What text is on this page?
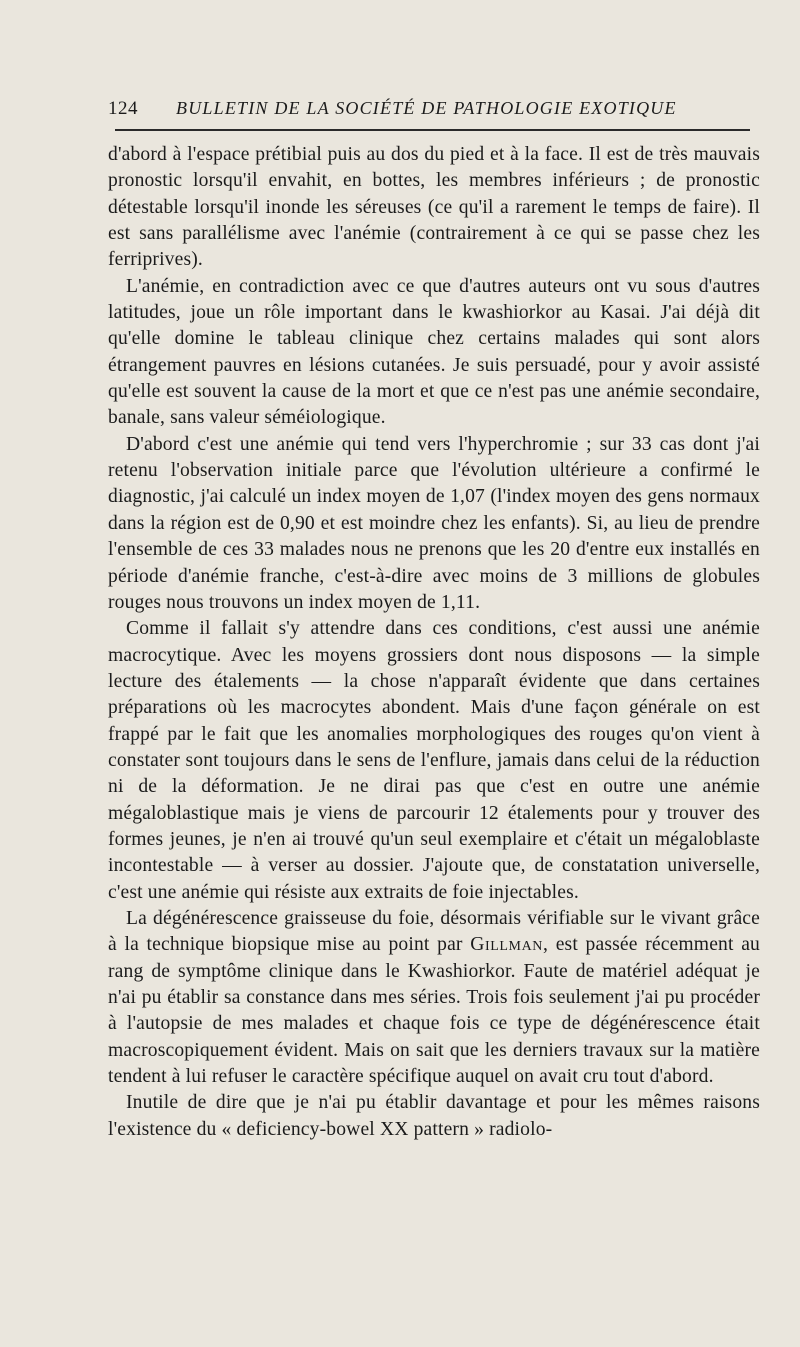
124 BULLETIN DE LA SOCIÉTÉ DE PATHOLOGIE EXOTIQUE

d'abord à l'espace prétibial puis au dos du pied et à la face. Il est de très mauvais pronostic lorsqu'il envahit, en bottes, les membres inférieurs ; de pronostic détestable lorsqu'il inonde les séreuses (ce qu'il a rarement le temps de faire). Il est sans parallélisme avec l'anémie (contrairement à ce qui se passe chez les ferriprives).

L'anémie, en contradiction avec ce que d'autres auteurs ont vu sous d'autres latitudes, joue un rôle important dans le kwashiorkor au Kasai. J'ai déjà dit qu'elle domine le tableau clinique chez certains malades qui sont alors étrangement pauvres en lésions cutanées. Je suis persuadé, pour y avoir assisté qu'elle est souvent la cause de la mort et que ce n'est pas une anémie secondaire, banale, sans valeur séméiologique.

D'abord c'est une anémie qui tend vers l'hyperchromie ; sur 33 cas dont j'ai retenu l'observation initiale parce que l'évolution ultérieure a confirmé le diagnostic, j'ai calculé un index moyen de 1,07 (l'index moyen des gens normaux dans la région est de 0,90 et est moindre chez les enfants). Si, au lieu de prendre l'ensemble de ces 33 malades nous ne prenons que les 20 d'entre eux installés en période d'anémie franche, c'est-à-dire avec moins de 3 millions de globules rouges nous trouvons un index moyen de 1,11.

Comme il fallait s'y attendre dans ces conditions, c'est aussi une anémie macrocytique. Avec les moyens grossiers dont nous disposons — la simple lecture des étalements — la chose n'apparaît évidente que dans certaines préparations où les macrocytes abondent. Mais d'une façon générale on est frappé par le fait que les anomalies morphologiques des rouges qu'on vient à constater sont toujours dans le sens de l'enflure, jamais dans celui de la réduction ni de la déformation. Je ne dirai pas que c'est en outre une anémie mégaloblastique mais je viens de parcourir 12 étalements pour y trouver des formes jeunes, je n'en ai trouvé qu'un seul exemplaire et c'était un mégaloblaste incontestable — à verser au dossier. J'ajoute que, de constatation universelle, c'est une anémie qui résiste aux extraits de foie injectables.

La dégénérescence graisseuse du foie, désormais vérifiable sur le vivant grâce à la technique biopsique mise au point par Gillman, est passée récemment au rang de symptôme clinique dans le Kwashiorkor. Faute de matériel adéquat je n'ai pu établir sa constance dans mes séries. Trois fois seulement j'ai pu procéder à l'autopsie de mes malades et chaque fois ce type de dégénérescence était macroscopiquement évident. Mais on sait que les derniers travaux sur la matière tendent à lui refuser le caractère spécifique auquel on avait cru tout d'abord.

Inutile de dire que je n'ai pu établir davantage et pour les mêmes raisons l'existence du « deficiency-bowel XX pattern » radiolo-
